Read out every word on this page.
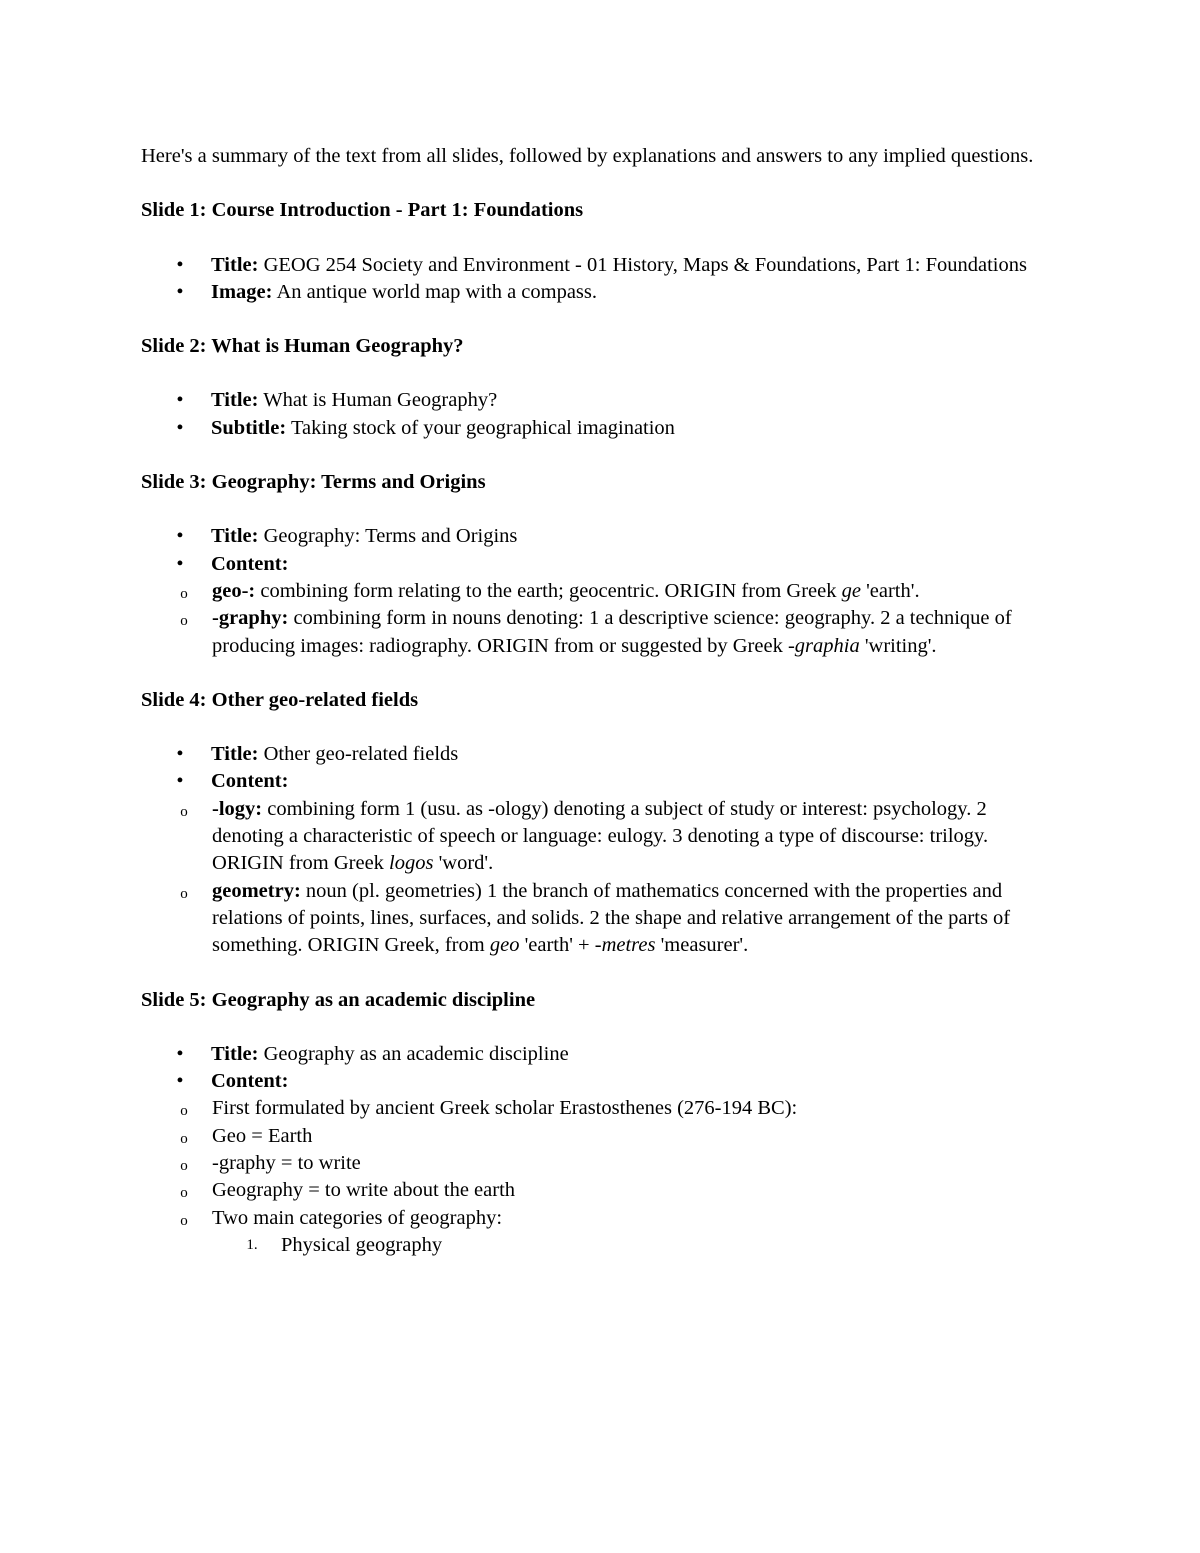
Here's a summary of the text from all slides, followed by explanations and answers to any implied questions.

Slide 1: Course Introduction - Part 1: Foundations

• Title: GEOG 254 Society and Environment - 01 History, Maps & Foundations, Part 1: Foundations
• Image: An antique world map with a compass.

Slide 2: What is Human Geography?

• Title: What is Human Geography?
• Subtitle: Taking stock of your geographical imagination

Slide 3: Geography: Terms and Origins

• Title: Geography: Terms and Origins
• Content:
o geo-: combining form relating to the earth; geocentric. ORIGIN from Greek ge 'earth'.
o -graphy: combining form in nouns denoting: 1 a descriptive science: geography. 2 a technique of producing images: radiography. ORIGIN from or suggested by Greek -graphia 'writing'.

Slide 4: Other geo-related fields

• Title: Other geo-related fields
• Content:
o -logy: combining form 1 (usu. as -ology) denoting a subject of study or interest: psychology. 2 denoting a characteristic of speech or language: eulogy. 3 denoting a type of discourse: trilogy. ORIGIN from Greek logos 'word'.
o geometry: noun (pl. geometries) 1 the branch of mathematics concerned with the properties and relations of points, lines, surfaces, and solids. 2 the shape and relative arrangement of the parts of something. ORIGIN Greek, from geo 'earth' + -metres 'measurer'.

Slide 5: Geography as an academic discipline

• Title: Geography as an academic discipline
• Content:
o First formulated by ancient Greek scholar Erastosthenes (276-194 BC):
o Geo = Earth
o -graphy = to write
o Geography = to write about the earth
o Two main categories of geography:
1. Physical geography
